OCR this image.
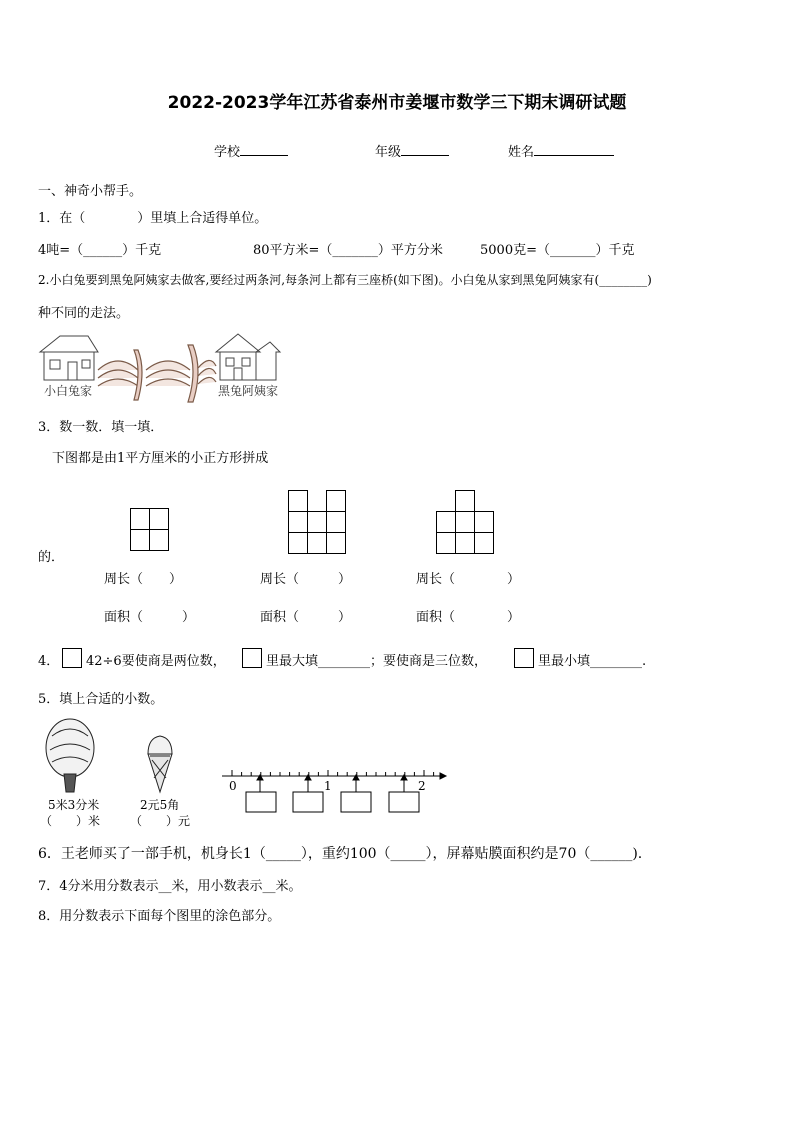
2022-2023学年江苏省泰州市姜堰市数学三下期末调研试题
学校	年级	姓名
一、神奇小帮手。
1．在（　　　　）里填上合适得单位。
4吨=（______）千克	80平方米=（_______）平方分米	5000克=（_______）千克
2.小白兔要到黑兔阿姨家去做客,要经过两条河,每条河上都有三座桥(如下图)。小白兔从家到黑兔阿姨家有(________)
种不同的走法。
小白兔家	黑兔阿姨家
3．数一数．填一填．
下图都是由1平方厘米的小正方形拼成
的．
周长（　　）	周长（　　　）	周长（　　　　）
面积（　　　）	面积（　　　）	面积（　　　　）
4． 42÷6要使商是两位数，	里最大填________；要使商是三位数，	里最小填________.
5．填上合适的小数。
5米3分米
（　　）米
2元5角
（　　）元
0	1	2
6．王老师买了一部手机，机身长1（_____），重约100（_____），屏幕贴膜面积约是70（______).
7．4分米用分数表示__米，用小数表示__米。
8．用分数表示下面每个图里的涂色部分。
